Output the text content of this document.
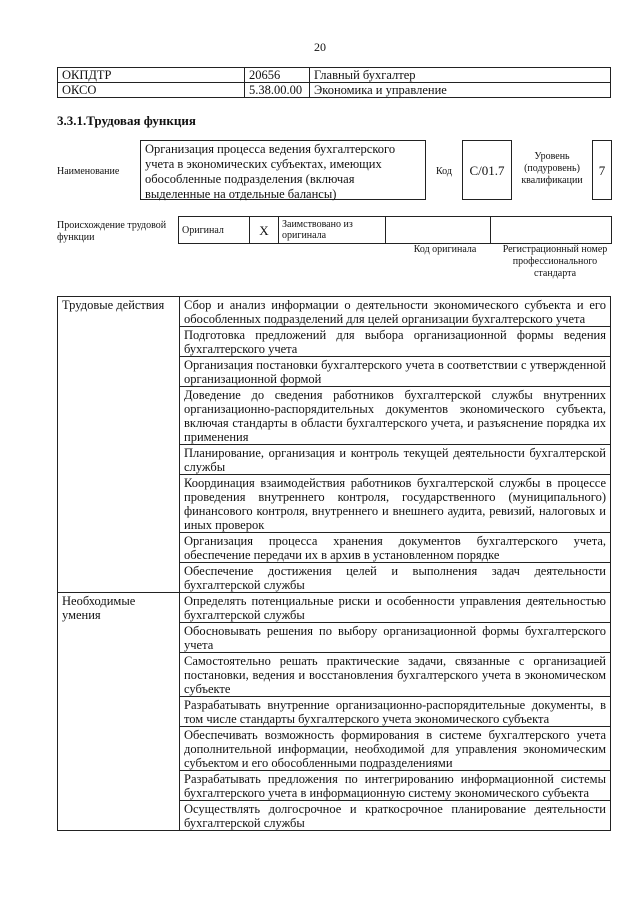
20
ОКПДТР	20656	Главный бухгалтер
ОКСО	5.38.00.00	Экономика и управление
3.3.1.Трудовая функция
Наименование
Организация процесса ведения бухгалтерского учета в экономических субъектах, имеющих обособленные подразделения (включая выделенные на отдельные балансы)
Код	C/01.7
Уровень (подуровень) квалификации
7
Происхождение трудовой функции
Оригинал	X	Заимствовано из оригинала		
Код оригинала	Регистрационный номер профессионального стандарта
Трудовые действия	Сбор и анализ информации о деятельности экономического субъекта и его обособленных подразделений для целей организации бухгалтерского учета
	Подготовка предложений для выбора организационной формы ведения бухгалтерского учета
	Организация постановки бухгалтерского учета в соответствии с утвержденной организационной формой
	Доведение до сведения работников бухгалтерской службы внутренних организационно-распорядительных документов экономического субъекта, включая стандарты в области бухгалтерского учета, и разъяснение порядка их применения
	Планирование, организация и контроль текущей деятельности бухгалтерской службы
	Координация взаимодействия работников бухгалтерской службы в процессе проведения внутреннего контроля, государственного (муниципального) финансового контроля, внутреннего и внешнего аудита, ревизий, налоговых и иных проверок
	Организация процесса хранения документов бухгалтерского учета, обеспечение передачи их в архив в установленном порядке
	Обеспечение достижения целей и выполнения задач деятельности бухгалтерской службы
Необходимые умения	Определять потенциальные риски и особенности управления деятельностью бухгалтерской службы
	Обосновывать решения по выбору организационной формы бухгалтерского учета
	Самостоятельно решать практические задачи, связанные с организацией постановки, ведения и восстановления бухгалтерского учета в экономическом субъекте
	Разрабатывать внутренние организационно-распорядительные документы, в том числе стандарты бухгалтерского учета экономического субъекта
	Обеспечивать возможность формирования в системе бухгалтерского учета дополнительной информации, необходимой для управления экономическим субъектом и его обособленными подразделениями
	Разрабатывать предложения по интегрированию информационной системы бухгалтерского учета в информационную систему экономического субъекта
	Осуществлять долгосрочное и краткосрочное планирование деятельности бухгалтерской службы
